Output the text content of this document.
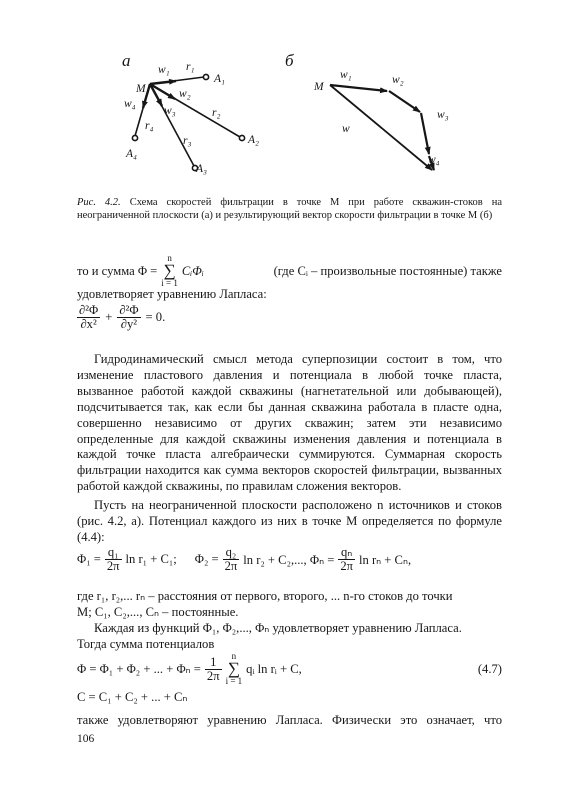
а
M
w₁ r₁
A₁
w₂
r₂
A₂
w₃
r₃
A₃
w₄
r₄
A₄
б
M
w₁	w₂
w₃
w₄
w
Рис. 4.2. Схема скоростей фильтрации в точке M при работе скважин-стоков на неограниченной плоскости (а) и результирующий вектор скорости фильтрации в точке M (б)
то и сумма Φ =
n
∑
i = 1
CᵢΦᵢ	(где Cᵢ – произвольные постоянные) также
удовлетворяет уравнению Лапласа:
$\frac{\text{∂²Φ}}{\text{∂x²}} + \frac{\text{∂²Φ}}{\text{∂y²}} = 0$.
Гидродинамический смысл метода суперпозиции состоит в том, что изменение пластового давления и потенциала в любой точке пласта, вызванное работой каждой скважины (нагнетательной или добывающей), подсчитывается так, как если бы данная скважина работала в пласте одна, совершенно независимо от других скважин; затем эти независимо определенные для каждой скважины изменения давления и потенциала в каждой точке пласта алгебраически суммируются. Суммарная скорость фильтрации находится как сумма векторов скоростей фильтрации, вызванных работой каждой скважины, по правилам сложения векторов.
Пусть на неограниченной плоскости расположено n источников и стоков (рис. 4.2, а). Потенциал каждого из них в точке M определяется по формуле (4.4):
$\Phi_1 = \frac{\text{q₁}}{2\pi}$ ln r₁ + C₁; $\Phi_2 = \frac{\text{q₂}}{2\pi}$ ln r₂ + C₂,..., $\Phi_n = \frac{\text{qₙ}}{2\pi}$ ln rₙ + Cₙ,
где r₁, r₂,... rₙ – расстояния от первого, второго, ... n-го стоков до точки
M; C₁, C₂,..., Cₙ – постоянные.
Каждая из функций Φ₁, Φ₂,..., Φₙ удовлетворяет уравнению Лапласа.
Тогда сумма потенциалов
Φ = Φ₁ + Φ₂ + ... + $\Phi_n = \frac{1}{2\pi}$	n
∑
i = 1
qᵢ ln rᵢ + C,	(4.7)
C = C₁ + C₂ + ... + Cₙ
также удовлетворяют уравнению Лапласа. Физически это означает, что
106
